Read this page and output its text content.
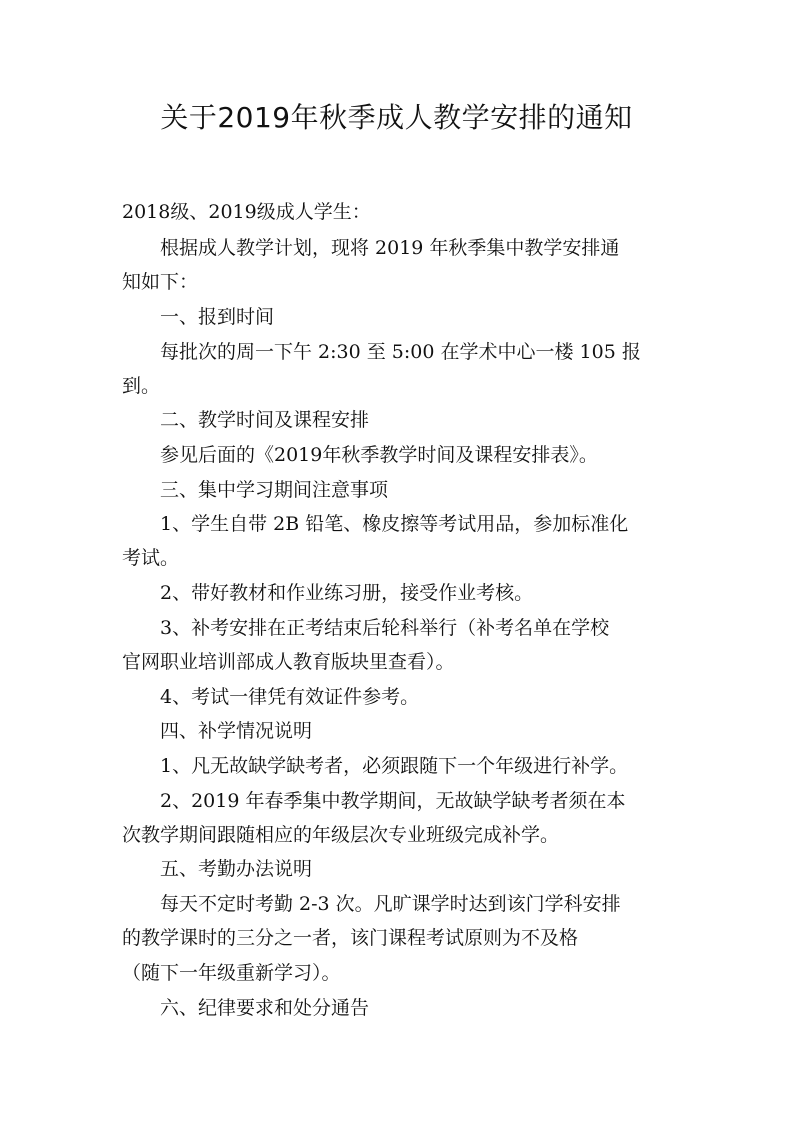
关于2019年秋季成人教学安排的通知
2018级、2019级成人学生：
根据成人教学计划，现将 2019 年秋季集中教学安排通
知如下：
一、报到时间
每批次的周一下午 2:30 至 5:00 在学术中心一楼 105 报
到。
二、教学时间及课程安排
参见后面的《2019年秋季教学时间及课程安排表》。
三、集中学习期间注意事项
1、学生自带 2B 铅笔、橡皮擦等考试用品，参加标准化
考试。
2、带好教材和作业练习册，接受作业考核。
3、补考安排在正考结束后轮科举行（补考名单在学校
官网职业培训部成人教育版块里查看）。
4、考试一律凭有效证件参考。
四、补学情况说明
1、凡无故缺学缺考者，必须跟随下一个年级进行补学。
2、2019 年春季集中教学期间，无故缺学缺考者须在本
次教学期间跟随相应的年级层次专业班级完成补学。
五、考勤办法说明
每天不定时考勤 2-3 次。凡旷课学时达到该门学科安排
的教学课时的三分之一者，该门课程考试原则为不及格
（随下一年级重新学习）。
六、纪律要求和处分通告
